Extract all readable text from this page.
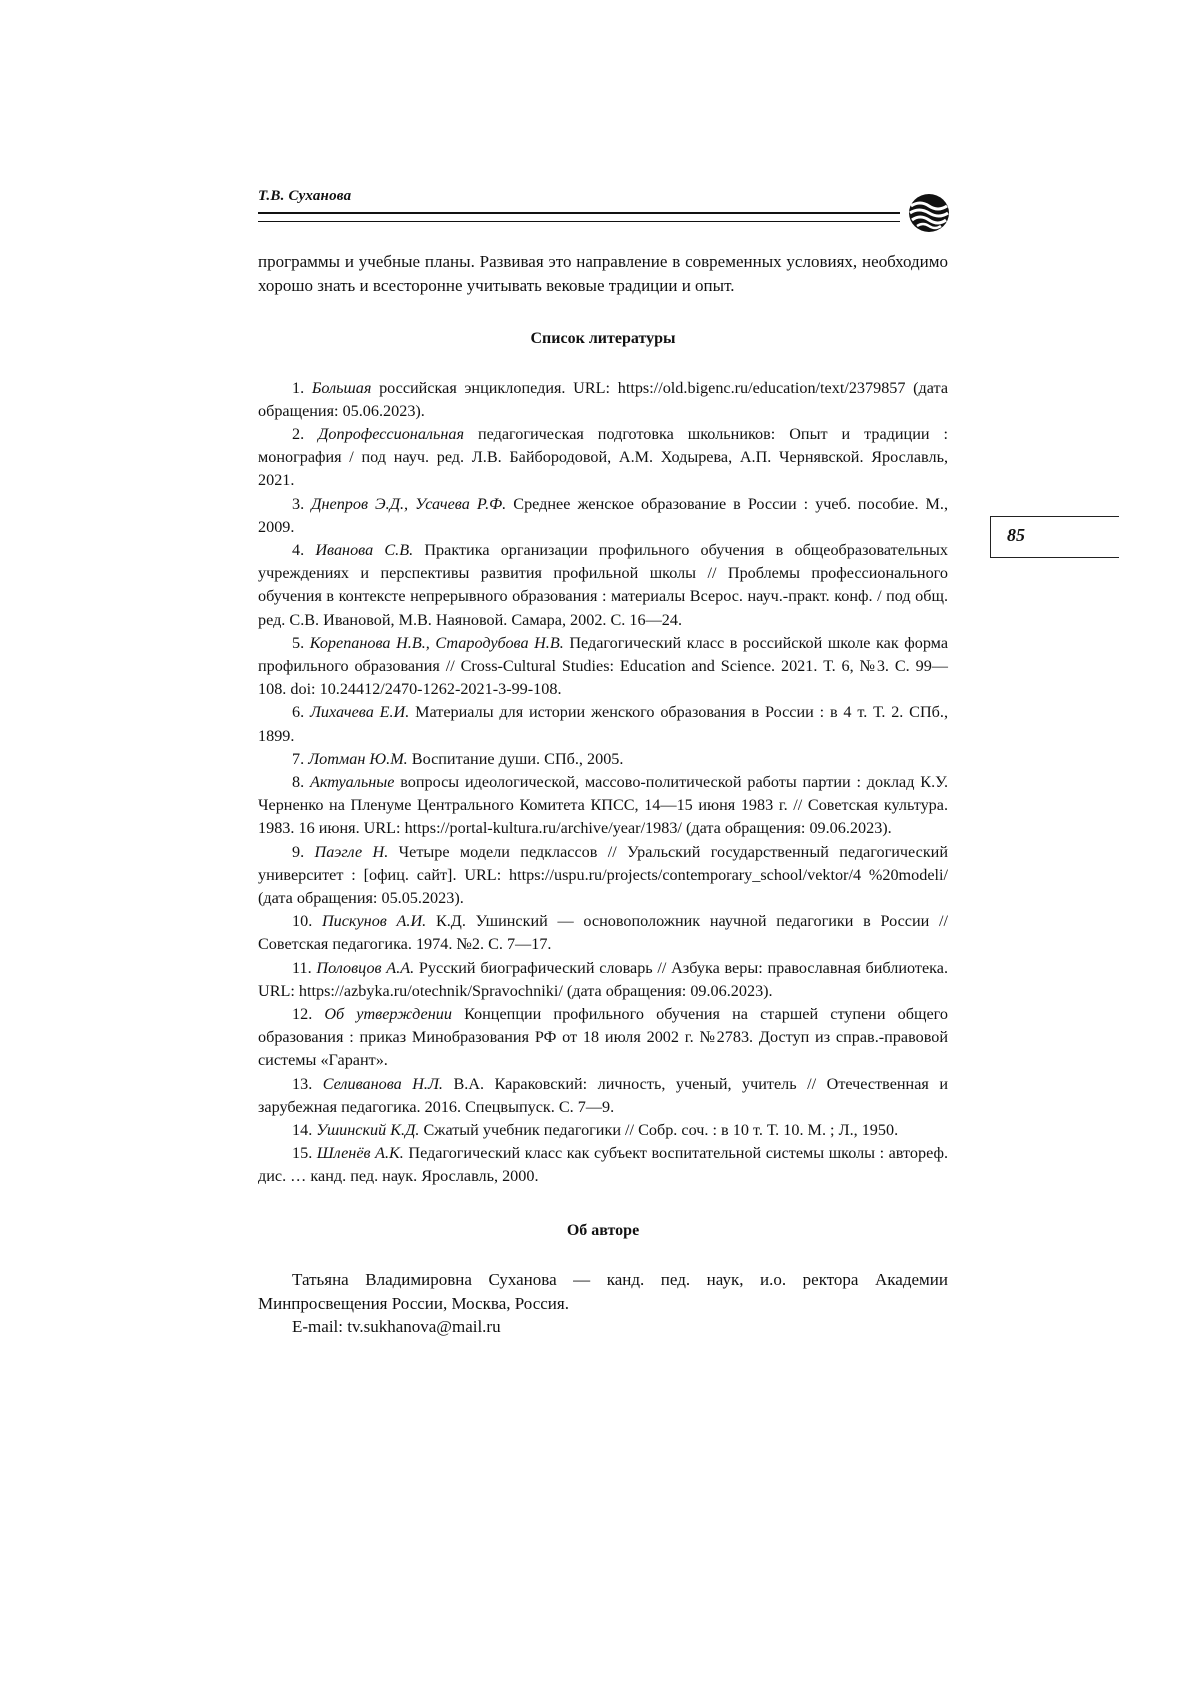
Т.В. Суханова
85

программы и учебные планы. Развивая это направление в современных условиях, необходимо хорошо знать и всесторонне учитывать вековые традиции и опыт.

Список литературы

1. Большая российская энциклопедия. URL: https://old.bigenc.ru/education/text/2379857 (дата обращения: 05.06.2023).

2. Допрофессиональная педагогическая подготовка школьников: Опыт и традиции : монография / под науч. ред. Л.В. Байбородовой, А.М. Ходырева, А.П. Чернявской. Ярославль, 2021.

3. Днепров Э.Д., Усачева Р.Ф. Среднее женское образование в России : учеб. пособие. М., 2009.

4. Иванова С.В. Практика организации профильного обучения в общеобразовательных учреждениях и перспективы развития профильной школы // Проблемы профессионального обучения в контексте непрерывного образования : материалы Всерос. науч.-практ. конф. / под общ. ред. С.В. Ивановой, М.В. Наяновой. Самара, 2002. С. 16—24.

5. Корепанова Н.В., Стародубова Н.В. Педагогический класс в российской школе как форма профильного образования // Cross-Cultural Studies: Education and Science. 2021. Т. 6, №3. С. 99—108. doi: 10.24412/2470-1262-2021-3-99-108.

6. Лихачева Е.И. Материалы для истории женского образования в России : в 4 т. Т. 2. СПб., 1899.

7. Лотман Ю.М. Воспитание души. СПб., 2005.

8. Актуальные вопросы идеологической, массово-политической работы партии : доклад К.У. Черненко на Пленуме Центрального Комитета КПСС, 14—15 июня 1983 г. // Советская культура. 1983. 16 июня. URL: https://portal-kultura.ru/archive/year/1983/ (дата обращения: 09.06.2023).

9. Паэгле Н. Четыре модели педклассов // Уральский государственный педагогический университет : [офиц. сайт]. URL: https://uspu.ru/projects/contemporary_school/vektor/4 %20modeli/ (дата обращения: 05.05.2023).

10. Пискунов А.И. К.Д. Ушинский — основоположник научной педагогики в России // Советская педагогика. 1974. №2. С. 7—17.

11. Половцов А.А. Русский биографический словарь // Азбука веры: православная библиотека. URL: https://azbyka.ru/otechnik/Spravochniki/ (дата обращения: 09.06.2023).

12. Об утверждении Концепции профильного обучения на старшей ступени общего образования : приказ Минобразования РФ от 18 июля 2002 г. №2783. Доступ из справ.-правовой системы «Гарант».

13. Селиванова Н.Л. В.А. Караковский: личность, ученый, учитель // Отечественная и зарубежная педагогика. 2016. Спецвыпуск. С. 7—9.

14. Ушинский К.Д. Сжатый учебник педагогики // Собр. соч. : в 10 т. Т. 10. М. ; Л., 1950.

15. Шленёв А.К. Педагогический класс как субъект воспитательной системы школы : автореф. дис. … канд. пед. наук. Ярославль, 2000.

Об авторе

Татьяна Владимировна Суханова — канд. пед. наук, и.о. ректора Академии Минпросвещения России, Москва, Россия.

E-mail: tv.sukhanova@mail.ru
